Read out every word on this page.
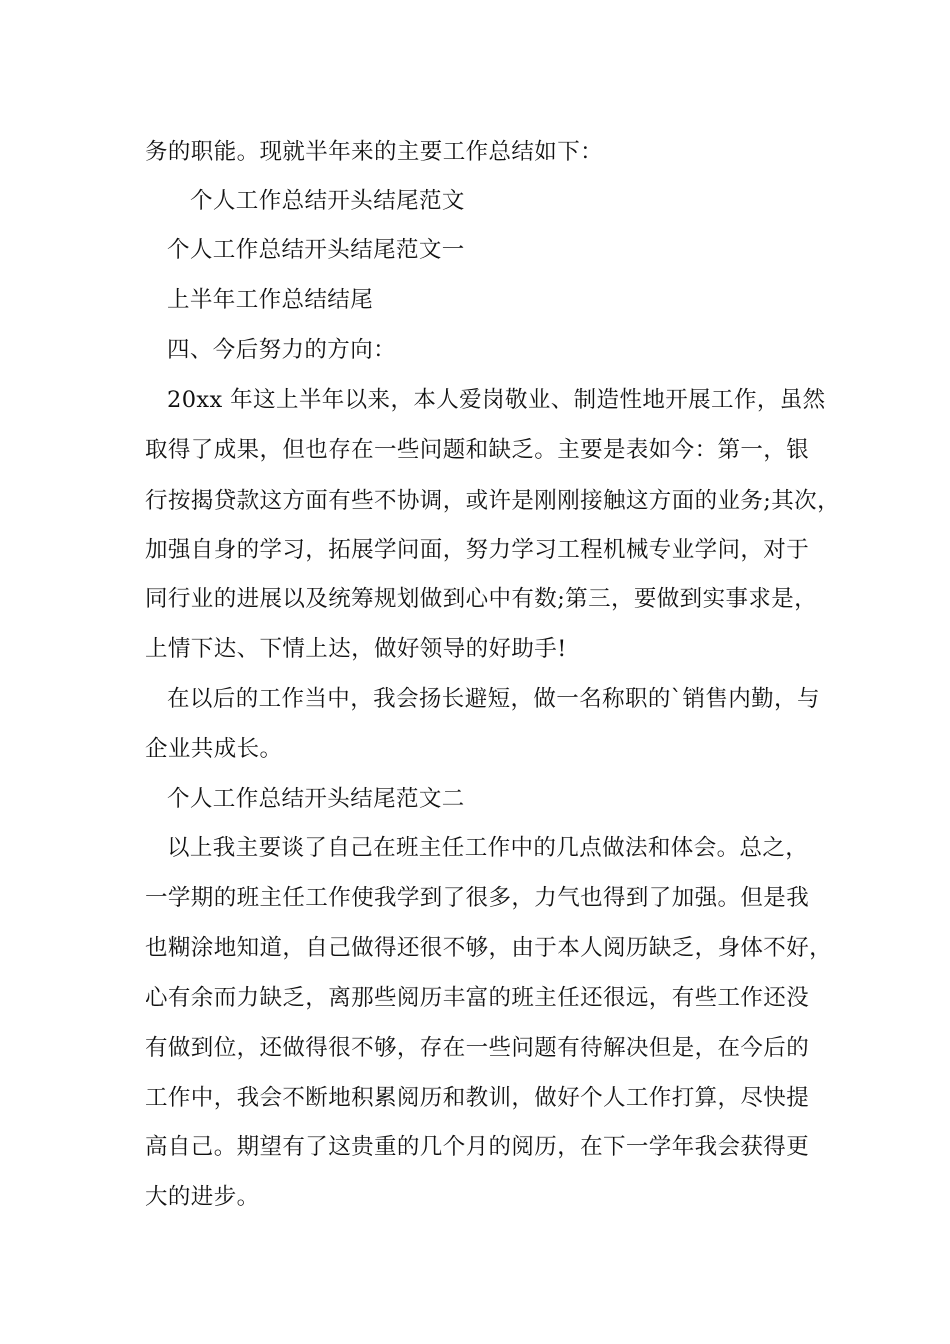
务的职能。现就半年来的主要工作总结如下：
个人工作总结开头结尾范文
个人工作总结开头结尾范文一
上半年工作总结结尾
四、今后努力的方向：
20xx 年这上半年以来，本人爱岗敬业、制造性地开展工作，虽然
取得了成果，但也存在一些问题和缺乏。主要是表如今：第一，银
行按揭贷款这方面有些不协调，或许是刚刚接触这方面的业务;其次，
加强自身的学习，拓展学问面，努力学习工程机械专业学问，对于
同行业的进展以及统筹规划做到心中有数;第三，要做到实事求是，
上情下达、下情上达，做好领导的好助手!
在以后的工作当中，我会扬长避短，做一名称职的`销售内勤，与
企业共成长。
个人工作总结开头结尾范文二
以上我主要谈了自己在班主任工作中的几点做法和体会。总之，
一学期的班主任工作使我学到了很多，力气也得到了加强。但是我
也糊涂地知道，自己做得还很不够，由于本人阅历缺乏，身体不好，
心有余而力缺乏，离那些阅历丰富的班主任还很远，有些工作还没
有做到位，还做得很不够，存在一些问题有待解决但是，在今后的
工作中，我会不断地积累阅历和教训，做好个人工作打算，尽快提
高自己。期望有了这贵重的几个月的阅历，在下一学年我会获得更
大的进步。
